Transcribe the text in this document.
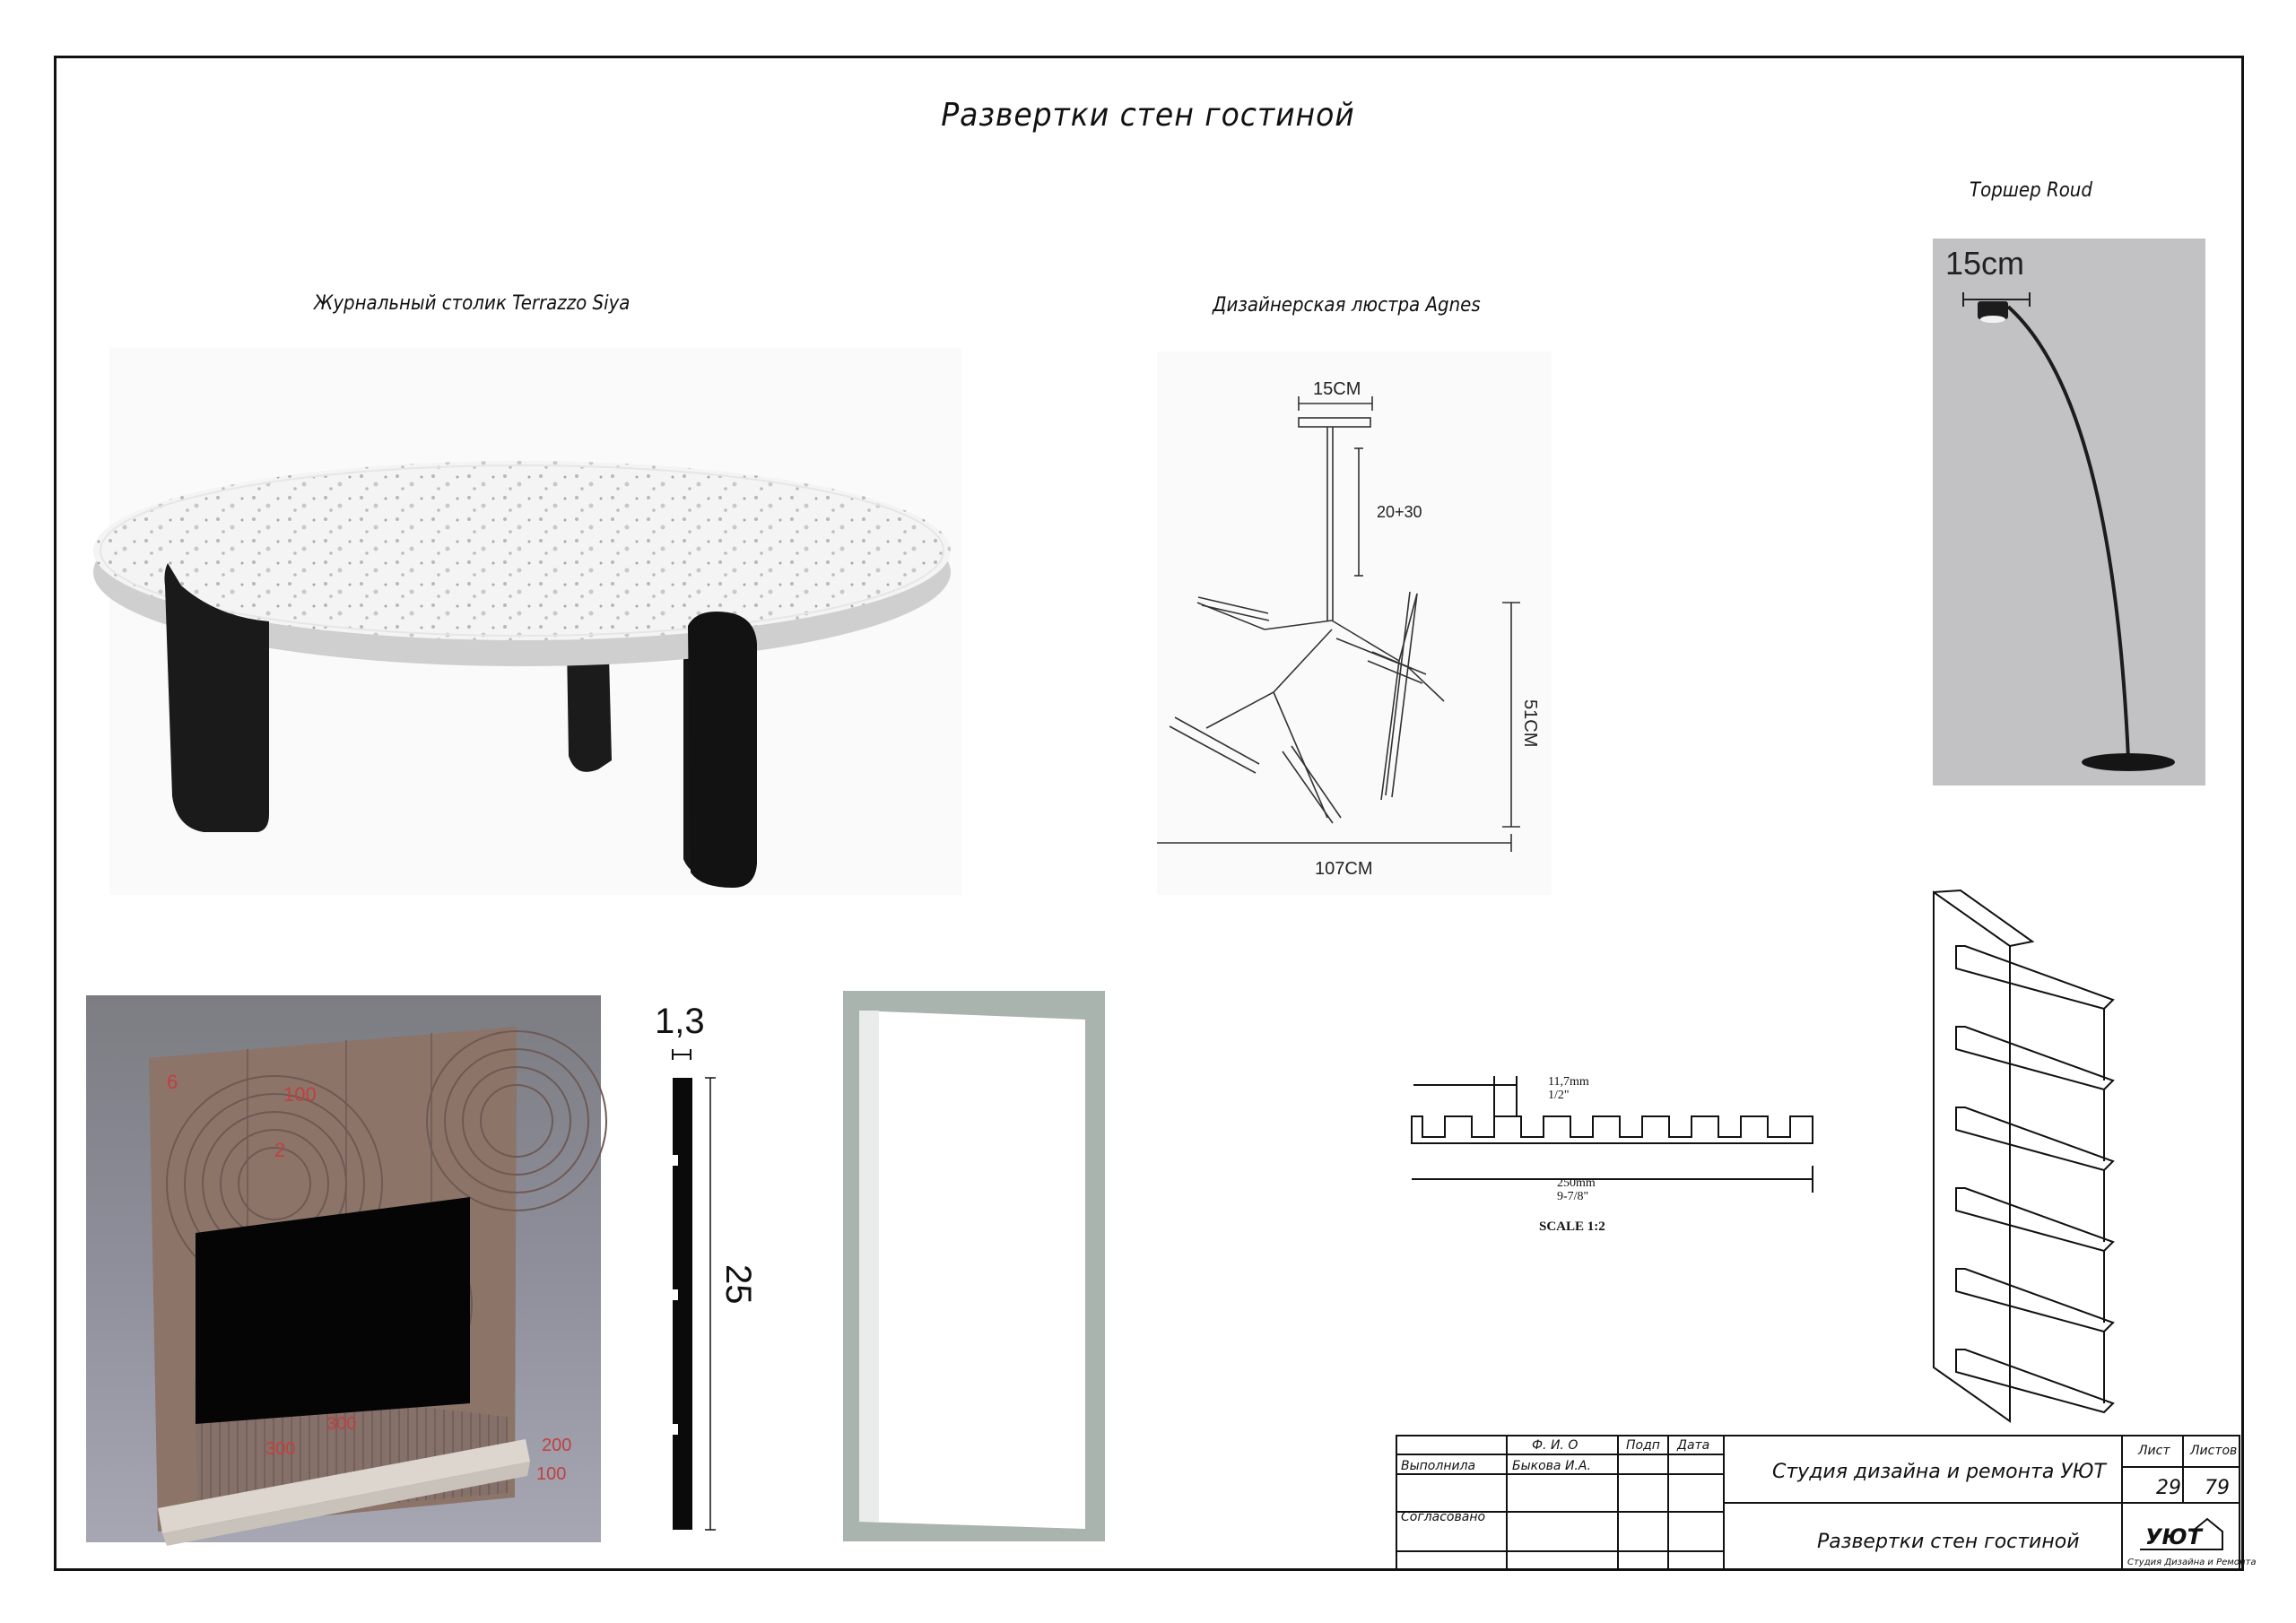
Развертки стен гостиной
Журнальный столик Terrazzo Siya	Дизайнерская люстра Agnes
15CM
20+30
51CM
107CM
Торшер Roud
15cm
6
100
2
300
300	200
100
1,3
25
11,7mm
1/2"
250mm
9-7/8"
SCALE 1:2
Ф. И. О	Подп Дата
Выполнила	Быкова И.А.
Согласовано
Студия дизайна и ремонта УЮТ
Развертки стен гостиной
Лист Листов
29 79
УЮТ
Студия Дизайна и Ремонта
